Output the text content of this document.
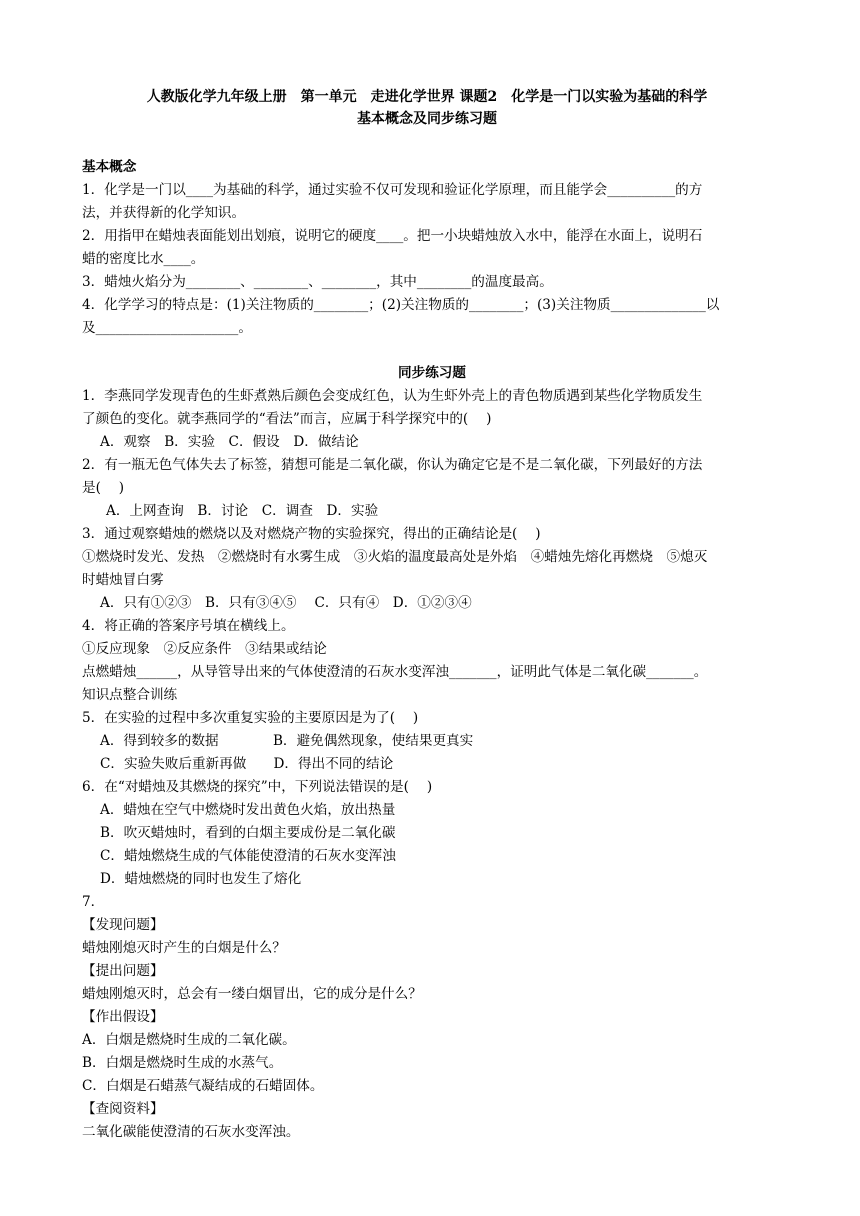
人教版化学九年级上册　第一单元　走进化学世界 课题2　化学是一门以实验为基础的科学
基本概念及同步练习题
基本概念
1．化学是一门以____为基础的科学，通过实验不仅可发现和验证化学原理，而且能学会__________的方
法，并获得新的化学知识。
2．用指甲在蜡烛表面能划出划痕，说明它的硬度____。把一小块蜡烛放入水中，能浮在水面上，说明石
蜡的密度比水____。
3．蜡烛火焰分为________、________、________，其中________的温度最高。
4．化学学习的特点是：(1)关注物质的________；(2)关注物质的________；(3)关注物质______________以
及_____________________。
同步练习题
1．李燕同学发现青色的生虾煮熟后颜色会变成红色，认为生虾外壳上的青色物质遇到某些化学物质发生
了颜色的变化。就李燕同学的“看法”而言，应属于科学探究中的(　 )
A．观察　B．实验　C．假设　D．做结论
2．有一瓶无色气体失去了标签，猜想可能是二氧化碳，你认为确定它是不是二氧化碳，下列最好的方法
是(　 )
A．上网查询　B．讨论　C．调查　D．实验
3．通过观察蜡烛的燃烧以及对燃烧产物的实验探究，得出的正确结论是(　 )
①燃烧时发光、发热　②燃烧时有水雾生成　③火焰的温度最高处是外焰　④蜡烛先熔化再燃烧　⑤熄灭
时蜡烛冒白雾
A．只有①②③　B．只有③④⑤　 C．只有④　D．①②③④
4．将正确的答案序号填在横线上。
①反应现象　②反应条件　③结果或结论
点燃蜡烛______，从导管导出来的气体使澄清的石灰水变浑浊_______，证明此气体是二氧化碳_______。
知识点整合训练
5．在实验的过程中多次重复实验的主要原因是为了(　 )
A．得到较多的数据　　　　B．避免偶然现象，使结果更真实
C．实验失败后重新再做　　D．得出不同的结论
6．在“对蜡烛及其燃烧的探究”中，下列说法错误的是(　 )
A．蜡烛在空气中燃烧时发出黄色火焰，放出热量
B．吹灭蜡烛时，看到的白烟主要成份是二氧化碳
C．蜡烛燃烧生成的气体能使澄清的石灰水变浑浊
D．蜡烛燃烧的同时也发生了熔化
7．
【发现问题】
蜡烛刚熄灭时产生的白烟是什么？
【提出问题】
蜡烛刚熄灭时，总会有一缕白烟冒出，它的成分是什么？
【作出假设】
A．白烟是燃烧时生成的二氧化碳。
B．白烟是燃烧时生成的水蒸气。
C．白烟是石蜡蒸气凝结成的石蜡固体。
【查阅资料】
二氧化碳能使澄清的石灰水变浑浊。
